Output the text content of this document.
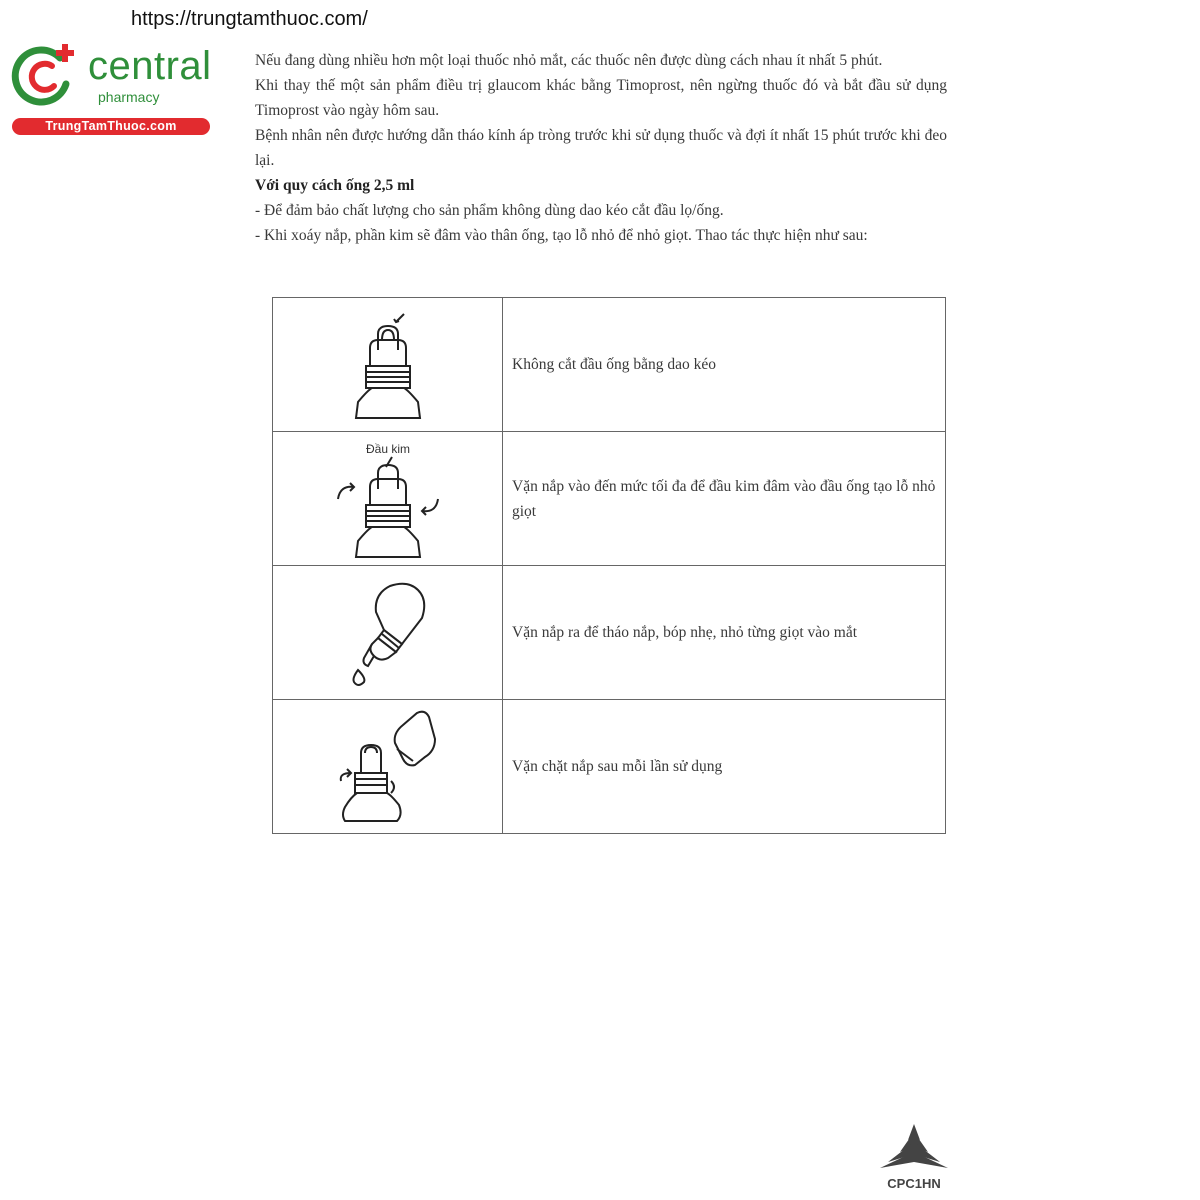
https://trungtamthuoc.com/
central
pharmacy
TrungTamThuoc.com

Nếu đang dùng nhiều hơn một loại thuốc nhỏ mắt, các thuốc nên được dùng cách nhau ít nhất 5 phút.

Khi thay thế một sản phẩm điều trị glaucom khác bằng Timoprost, nên ngừng thuốc đó và bắt đầu sử dụng Timoprost vào ngày hôm sau.

Bệnh nhân nên được hướng dẫn tháo kính áp tròng trước khi sử dụng thuốc và đợi ít nhất 15 phút trước khi đeo lại.

Với quy cách ống 2,5 ml

- Để đảm bảo chất lượng cho sản phẩm không dùng dao kéo cắt đầu lọ/ống.

- Khi xoáy nắp, phần kim sẽ đâm vào thân ống, tạo lỗ nhỏ để nhỏ giọt. Thao tác thực hiện như sau:

	Không cắt đầu ống bằng dao kéo

Đầu kim	Vặn nắp vào đến mức tối đa để đầu kim đâm vào đầu ống tạo lỗ nhỏ giọt

	Vặn nắp ra để tháo nắp, bóp nhẹ, nhỏ từng giọt vào mắt

	Vặn chặt nắp sau mỗi lần sử dụng
CPC1HN
